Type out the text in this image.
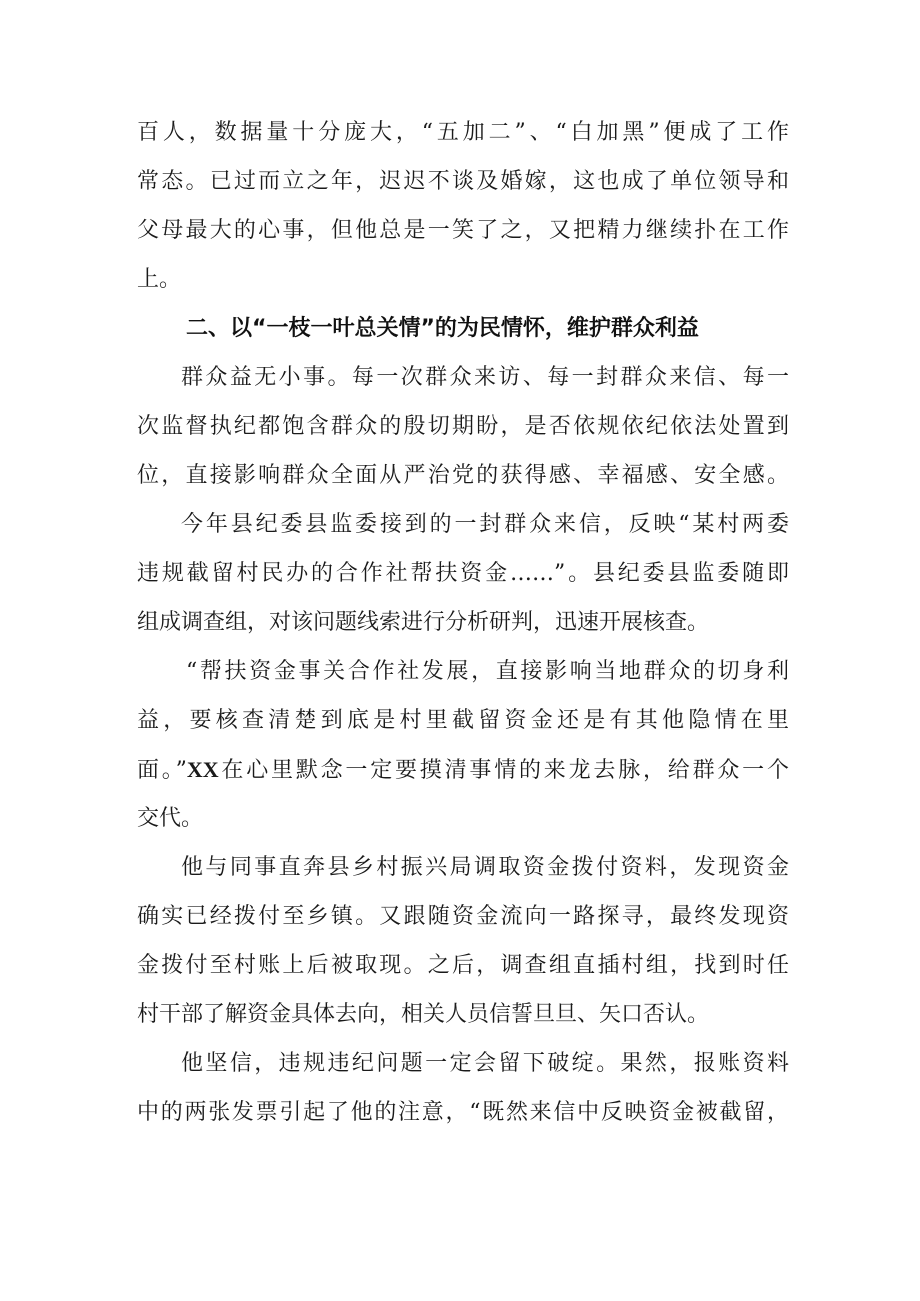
百人，数据量十分庞大，“五加二”、“白加黑”便成了工作
常态。已过而立之年，迟迟不谈及婚嫁，这也成了单位领导和
父母最大的心事，但他总是一笑了之，又把精力继续扑在工作
上。
二、以“一枝一叶总关情”的为民情怀，维护群众利益
群众益无小事。每一次群众来访、每一封群众来信、每一
次监督执纪都饱含群众的殷切期盼，是否依规依纪依法处置到
位，直接影响群众全面从严治党的获得感、幸福感、安全感。
今年县纪委县监委接到的一封群众来信，反映“某村两委
违规截留村民办的合作社帮扶资金……”。县纪委县监委随即
组成调查组，对该问题线索进行分析研判，迅速开展核查。
“帮扶资金事关合作社发展，直接影响当地群众的切身利
益，要核查清楚到底是村里截留资金还是有其他隐情在里
面。”XX在心里默念一定要摸清事情的来龙去脉，给群众一个
交代。
他与同事直奔县乡村振兴局调取资金拨付资料，发现资金
确实已经拨付至乡镇。又跟随资金流向一路探寻，最终发现资
金拨付至村账上后被取现。之后，调查组直插村组，找到时任
村干部了解资金具体去向，相关人员信誓旦旦、矢口否认。
他坚信，违规违纪问题一定会留下破绽。果然，报账资料
中的两张发票引起了他的注意，“既然来信中反映资金被截留，
